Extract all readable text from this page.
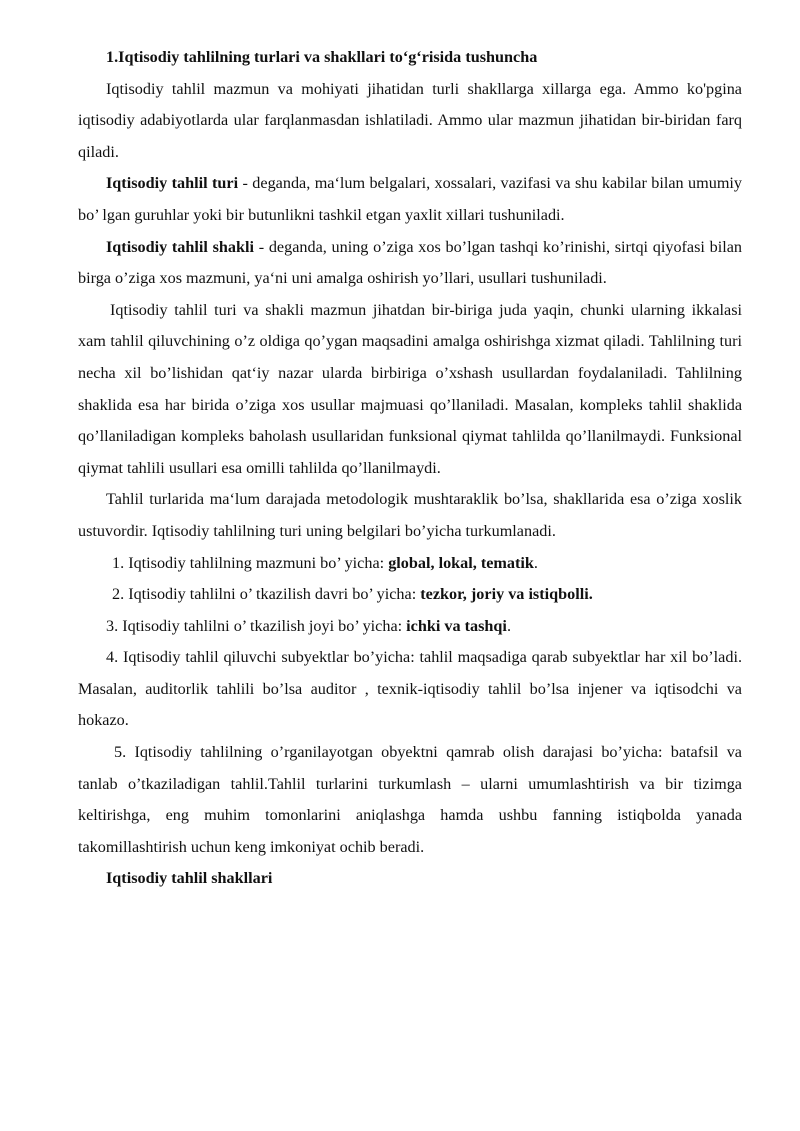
1.Iqtisodiy tahlilning turlari va shakllari to‘g‘risida tushuncha

Iqtisodiy tahlil mazmun va mohiyati jihatidan turli shakllarga xillarga ega. Ammo ko'pgina iqtisodiy adabiyotlarda ular farqlanmasdan ishlatiladi. Ammo ular mazmun jihatidan bir-biridan farq qiladi.

Iqtisodiy tahlil turi - deganda, ma‘lum belgalari, xossalari, vazifasi va shu kabilar bilan umumiy bo’ lgan guruhlar yoki bir butunlikni tashkil etgan yaxlit xillari tushuniladi.

Iqtisodiy tahlil shakli - deganda, uning o’ziga xos bo’lgan tashqi ko’rinishi, sirtqi qiyofasi bilan birga o’ziga xos mazmuni, ya‘ni uni amalga oshirish yo’llari, usullari tushuniladi.

Iqtisodiy tahlil turi va shakli mazmun jihatdan bir-biriga juda yaqin, chunki ularning ikkalasi xam tahlil qiluvchining o’z oldiga qo’ygan maqsadini amalga oshirishga xizmat qiladi. Tahlilning turi necha xil bo’lishidan qat‘iy nazar ularda birbiriga o’xshash usullardan foydalaniladi. Tahlilning shaklida esa har birida o’ziga xos usullar majmuasi qo’llaniladi. Masalan, kompleks tahlil shaklida qo’llaniladigan kompleks baholash usullaridan funksional qiymat tahlilda qo’llanilmaydi. Funksional qiymat tahlili usullari esa omilli tahlilda qo’llanilmaydi.

Tahlil turlarida ma‘lum darajada metodologik mushtaraklik bo’lsa, shakllarida esa o’ziga xoslik ustuvordir. Iqtisodiy tahlilning turi uning belgilari bo’yicha turkumlanadi.

1. Iqtisodiy tahlilning mazmuni bo’ yicha: global, lokal, tematik.

2. Iqtisodiy tahlilni o’ tkazilish davri bo’ yicha: tezkor, joriy va istiqbolli.

3. Iqtisodiy tahlilni o’ tkazilish joyi bo’ yicha: ichki va tashqi.

4. Iqtisodiy tahlil qiluvchi subyektlar bo’yicha: tahlil maqsadiga qarab subyektlar har xil bo’ladi. Masalan, auditorlik tahlili bo’lsa auditor , texnik-iqtisodiy tahlil bo’lsa injener va iqtisodchi va hokazo.

5. Iqtisodiy tahlilning o’rganilayotgan obyektni qamrab olish darajasi bo’yicha: batafsil va tanlab o’tkaziladigan tahlil.Tahlil turlarini turkumlash – ularni umumlashtirish va bir tizimga keltirishga, eng muhim tomonlarini aniqlashga hamda ushbu fanning istiqbolda yanada takomillashtirish uchun keng imkoniyat ochib beradi.

Iqtisodiy tahlil shakllari
